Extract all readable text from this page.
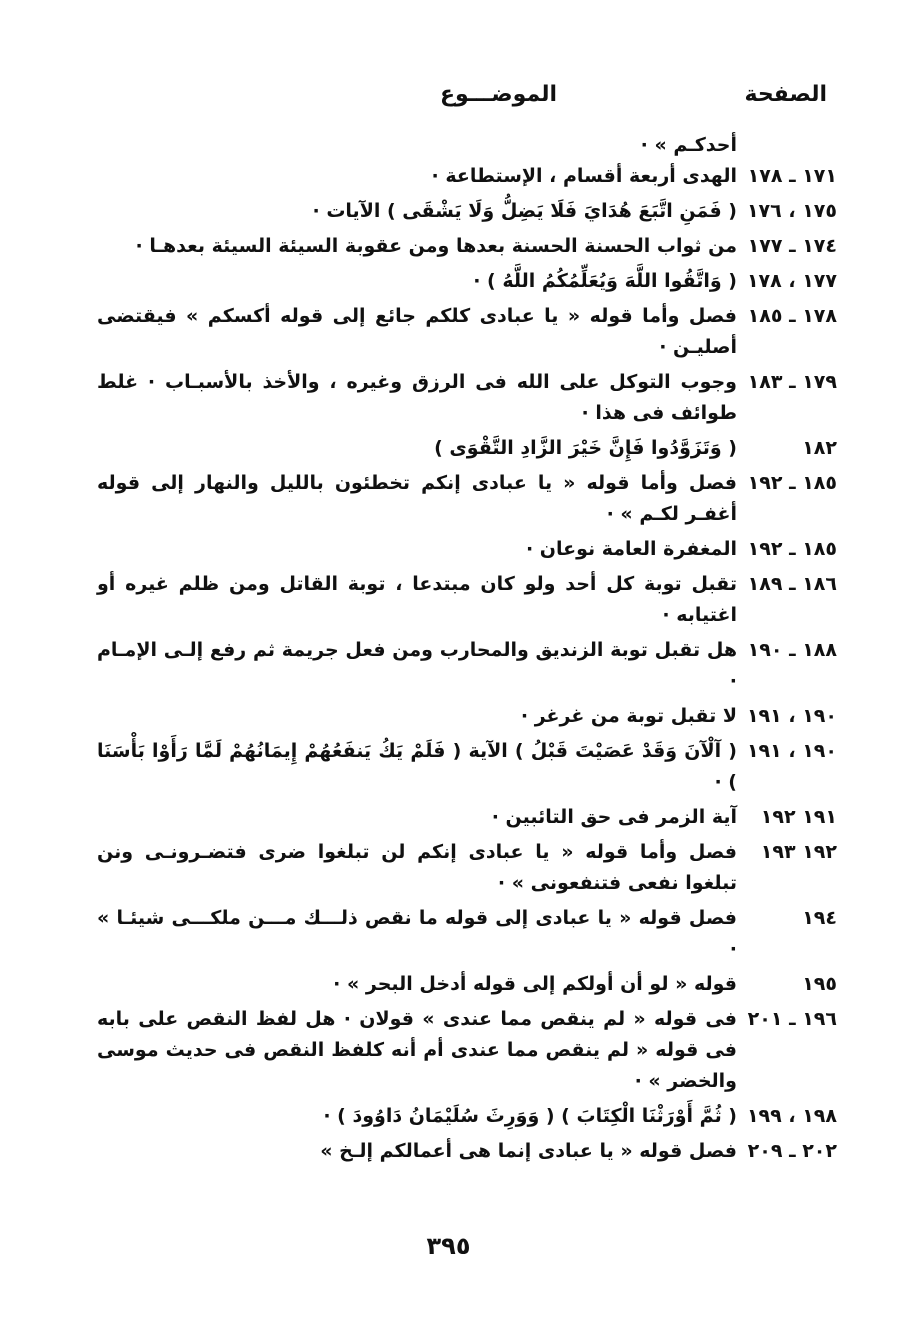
الصفحة
الموضـــوع
أحدكـم » ·
١٧١ ـ ١٧٨
الهدى أربعة أقسام ، الإستطاعة ·
١٧٥ ، ١٧٦
( فَمَنِ اتَّبَعَ هُدَايَ فَلَا يَضِلُّ وَلَا يَشْقَى ) الآيات ·
١٧٤ ـ ١٧٧
من ثواب الحسنة الحسنة بعدها ومن عقوبة السيئة السيئة بعدهـا ·
١٧٧ ، ١٧٨
( وَاتَّقُوا اللَّهَ وَيُعَلِّمُكُمُ اللَّهُ ) ·
١٧٨ ـ ١٨٥
فصل وأما قوله « يا عبادى كلكم جائع إلى قوله أكسكم » فيقتضى أصليـن ·
١٧٩ ـ ١٨٣
وجوب التوكل على الله فى الرزق وغيره ، والأخذ بالأسبـاب · غلط طوائف فى هذا ·
١٨٢
( وَتَزَوَّدُوا فَإِنَّ خَيْرَ الزَّادِ التَّقْوَى )
١٨٥ ـ ١٩٢
فصل وأما قوله « يا عبادى إنكم تخطئون بالليل والنهار إلى قوله أغفـر لكـم » ·
١٨٥ ـ ١٩٢
المغفرة العامة نوعان ·
١٨٦ ـ ١٨٩
تقبل توبة كل أحد ولو كان مبتدعا ، توبة القاتل ومن ظلم غيره أو اغتيابه ·
١٨٨ ـ ١٩٠
هل تقبل توبة الزنديق والمحارب ومن فعل جريمة ثم رفع إلـى الإمـام ·
١٩٠ ، ١٩١
لا تقبل توبة من غرغر ·
١٩٠ ، ١٩١
( آلْآنَ وَقَدْ عَصَيْتَ قَبْلُ ) الآية ( فَلَمْ يَكُ يَنفَعُهُمْ إِيمَانُهُمْ لَمَّا رَأَوْا بَأْسَنَا ) ·
١٩١ ١٩٢
آية الزمر فى حق التائبين ·
١٩٢ ١٩٣
فصل وأما قوله « يا عبادى إنكم لن تبلغوا ضرى فتضـرونـى ونن تبلغوا نفعى فتنفعونى » ·
١٩٤
فصل قوله « يا عبادى إلى قوله ما نقص ذلـــك مـــن ملكـــى شيئـا » ·
١٩٥
قوله « لو أن أولكم إلى قوله أدخل البحر » ·
١٩٦ ـ ٢٠١
فى قوله « لم ينقص مما عندى » قولان · هل لفظ النقص على بابه فى قوله « لم ينقص مما عندى أم أنه كلفظ النقص فى حديث موسى والخضر » ·
١٩٨ ، ١٩٩
( ثُمَّ أَوْرَثْنَا الْكِتَابَ ) ( وَوَرِثَ سُلَيْمَانُ دَاوُودَ ) ·
٢٠٢ ـ ٢٠٩
فصل قوله « يا عبادى إنما هى أعمالكم إلـخ »
٣٩٥
